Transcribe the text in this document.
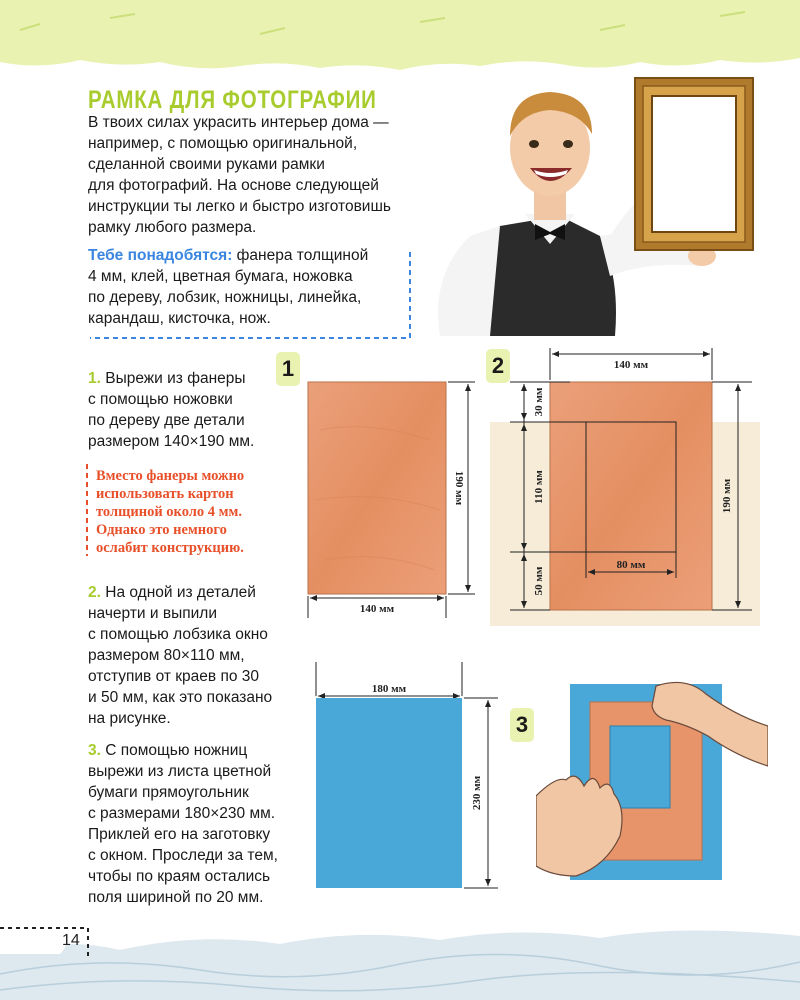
РАМКА ДЛЯ ФОТОГРАФИИ
В твоих силах украсить интерьер дома —
например, с помощью оригинальной,
сделанной своими руками рамки
для фотографий. На основе следующей
инструкции ты легко и быстро изготовишь
рамку любого размера.
Тебе понадобятся: фанера толщиной
4 мм, клей, цветная бумага, ножовка
по дереву, лобзик, ножницы, линейка,
карандаш, кисточка, нож.
1. Вырежи из фанеры
с помощью ножовки
по дереву две детали
размером 140×190 мм.
Вместо фанеры можно
использовать картон
толщиной около 4 мм.
Однако это немного
ослабит конструкцию.
2. На одной из деталей
начерти и выпили
с помощью лобзика окно
размером 80×110 мм,
отступив от краев по 30
и 50 мм, как это показано
на рисунке.
3. С помощью ножниц
вырежи из листа цветной
бумаги прямоугольник
с размерами 180×230 мм.
Приклей его на заготовку
с окном. Проследи за тем,
чтобы по краям остались
поля шириной по 20 мм.
1	2
3
190 мм
140 мм
140 мм
30 мм
110 мм
50 мм
80 мм
190 мм
180 мм
230 мм
14
